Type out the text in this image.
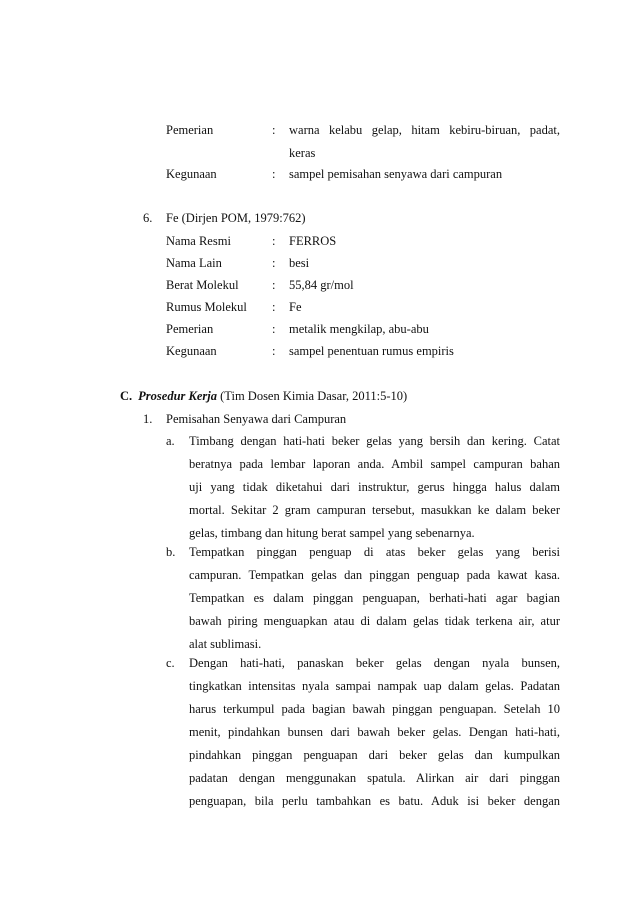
Pemerian	: warna kelabu gelap, hitam kebiru-biruan, padat,
keras
Kegunaan	: sampel pemisahan senyawa dari campuran
6. Fe (Dirjen POM, 1979:762)
Nama Resmi	: FERROS
Nama Lain	: besi
Berat Molekul	: 55,84 gr/mol
Rumus Molekul : Fe
Pemerian	: metalik mengkilap, abu-abu
Kegunaan	: sampel penentuan rumus empiris
C. Prosedur Kerja (Tim Dosen Kimia Dasar, 2011:5-10)
1. Pemisahan Senyawa dari Campuran
a. Timbang dengan hati-hati beker gelas yang bersih dan kering. Catat
beratnya pada lembar laporan anda. Ambil sampel campuran bahan
uji yang tidak diketahui dari instruktur, gerus hingga halus dalam
mortal. Sekitar 2 gram campuran tersebut, masukkan ke dalam beker
gelas, timbang dan hitung berat sampel yang sebenarnya.
b. Tempatkan pinggan penguap di atas beker gelas yang berisi
campuran. Tempatkan gelas dan pinggan penguap pada kawat kasa.
Tempatkan es dalam pinggan penguapan, berhati-hati agar bagian
bawah piring menguapkan atau di dalam gelas tidak terkena air, atur
alat sublimasi.
c. Dengan hati-hati, panaskan beker gelas dengan nyala bunsen,
tingkatkan intensitas nyala sampai nampak uap dalam gelas. Padatan
harus terkumpul pada bagian bawah pinggan penguapan. Setelah 10
menit, pindahkan bunsen dari bawah beker gelas. Dengan hati-hati,
pindahkan pinggan penguapan dari beker gelas dan kumpulkan
padatan dengan menggunakan spatula. Alirkan air dari pinggan
penguapan, bila perlu tambahkan es batu. Aduk isi beker dengan
